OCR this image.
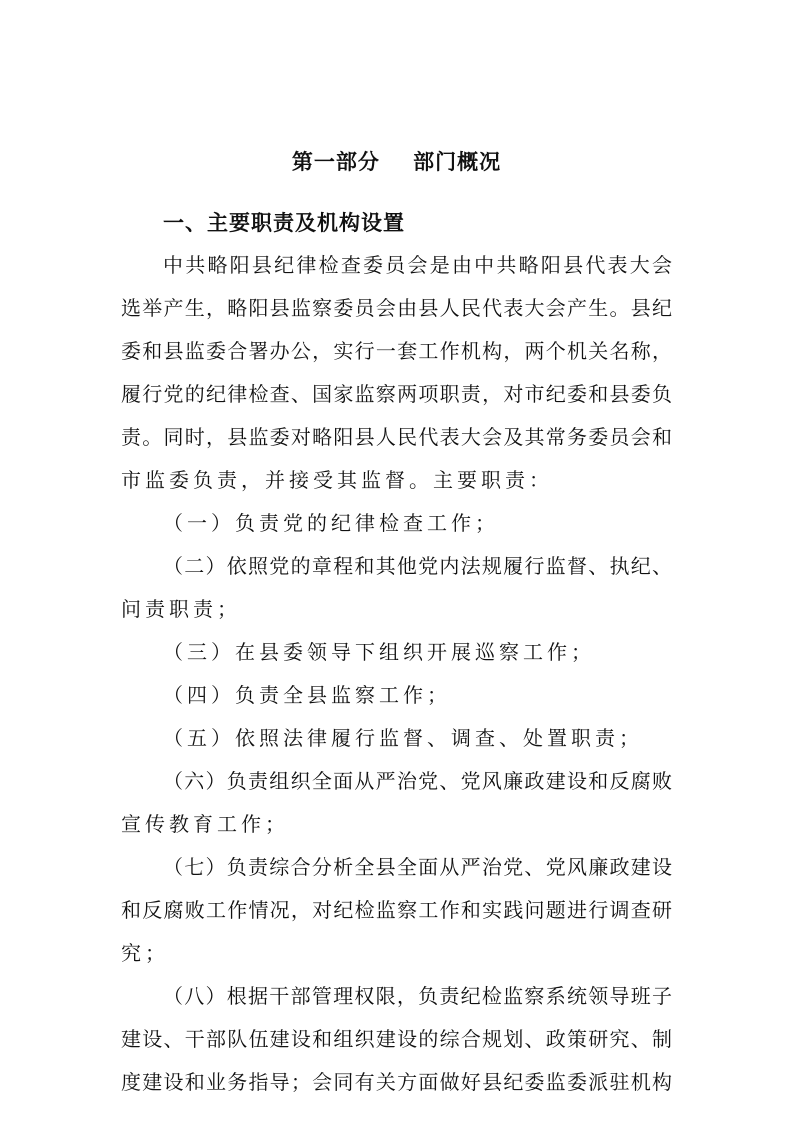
第一部分    部门概况
一、主要职责及机构设置
中共略阳县纪律检查委员会是由中共略阳县代表大会
选举产生，略阳县监察委员会由县人民代表大会产生。县纪
委和县监委合署办公，实行一套工作机构，两个机关名称，
履行党的纪律检查、国家监察两项职责，对市纪委和县委负
责。同时，县监委对略阳县人民代表大会及其常务委员会和
市监委负责，并接受其监督。主要职责：
（一）负责党的纪律检查工作；
（二）依照党的章程和其他党内法规履行监督、执纪、
问责职责；
（三）在县委领导下组织开展巡察工作；
（四）负责全县监察工作；
（五）依照法律履行监督、调查、处置职责；
（六）负责组织全面从严治党、党风廉政建设和反腐败
宣传教育工作；
（七）负责综合分析全县全面从严治党、党风廉政建设
和反腐败工作情况，对纪检监察工作和实践问题进行调查研
究；
（八）根据干部管理权限，负责纪检监察系统领导班子
建设、干部队伍建设和组织建设的综合规划、政策研究、制
度建设和业务指导；会同有关方面做好县纪委监委派驻机构
